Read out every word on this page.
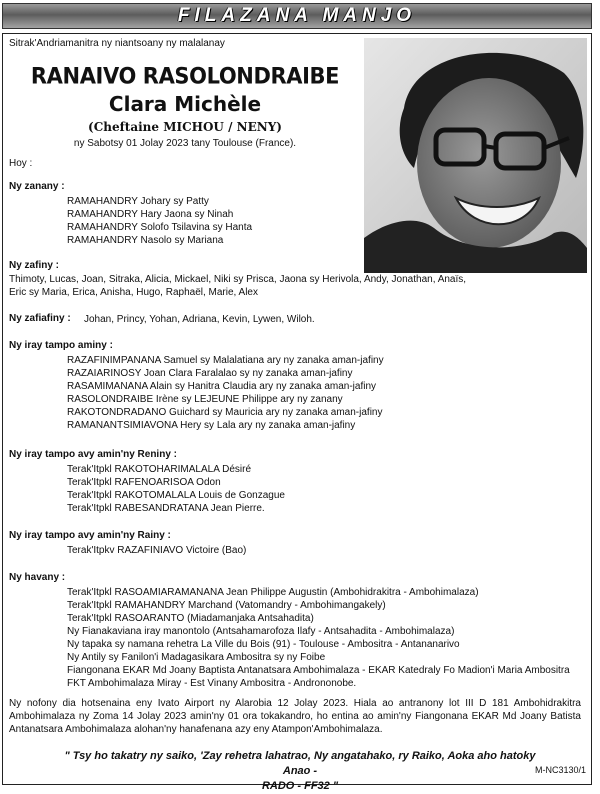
FILAZANA MANJO
Sitrak'Andriamanitra ny niantsoany ny malalanay
RANAIVO RASOLONDRAIBE
Clara Michèle
(Cheftaine MICHOU / NENY)
ny Sabotsy 01 Jolay 2023 tany Toulouse (France).
Hoy :
Ny zanany :
RAMAHANDRY Johary sy Patty
RAMAHANDRY Hary Jaona sy Ninah
RAMAHANDRY Solofo Tsilavina sy Hanta
RAMAHANDRY Nasolo sy Mariana
Ny zafiny :
Thimoty, Lucas, Joan, Sitraka, Alicia, Mickael, Niki sy Prisca, Jaona sy Herivola, Andy, Jonathan, Anaïs,
Eric sy Maria, Erica, Anisha, Hugo, Raphaël, Marie, Alex
Ny zafiafiny : Johan, Princy, Yohan, Adriana, Kevin, Lywen, Wiloh.
Ny iray tampo aminy :
RAZAFINIMPANANA Samuel sy Malalatiana ary ny zanaka aman-jafiny
RAZAIARINOSY Joan Clara Faralalao sy ny zanaka aman-jafiny
RASAMIMANANA Alain sy Hanitra Claudia ary ny zanaka aman-jafiny
RASOLONDRAIBE Irène sy LEJEUNE Philippe ary ny zanany
RAKOTONDRADANO Guichard sy Mauricia ary ny zanaka aman-jafiny
RAMANANTSIMIAVONA Hery sy Lala ary ny zanaka aman-jafiny
Ny iray tampo avy amin'ny Reniny :
Terak'Itpkl RAKOTOHARIMALALA Désiré
Terak'Itpkl RAFENOARISOA Odon
Terak'Itpkl RAKOTOMALALA Louis de Gonzague
Terak'Itpkl RABESANDRATANA Jean Pierre.
Ny iray tampo avy amin'ny Rainy :
Terak'Itpkv RAZAFINIAVO Victoire (Bao)
Ny havany :
Terak'Itpkl RASOAMIARAMANANA Jean Philippe Augustin (Ambohidrakitra - Ambohimalaza)
Terak'Itpkl RAMAHANDRY Marchand (Vatomandry - Ambohimangakely)
Terak'Itpkl RASOARANTO (Miadamanjaka Antsahadita)
Ny Fianakaviana iray manontolo (Antsahamarofoza Ilafy - Antsahadita - Ambohimalaza)
Ny tapaka sy namana rehetra La Ville du Bois (91) - Toulouse - Ambositra - Antananarivo
Ny Antily sy Fanilon'i Madagasikara Ambositra sy ny Foibe
Fiangonana EKAR Md Joany Baptista Antanatsara Ambohimalaza - EKAR Katedraly Fo Madion'i Maria Ambositra
FKT Ambohimalaza Miray - Est Vinany Ambositra - Andrononobe.
Ny nofony dia hotsenaina eny Ivato Airport ny Alarobia 12 Jolay 2023. Hiala ao antranony lot III D 181 Ambohidrakitra Ambohimalaza ny Zoma 14 Jolay 2023 amin'ny 01 ora tokakandro, ho entina ao amin'ny Fiangonana EKAR Md Joany Batista Antanatsara Ambohimalaza alohan'ny hanafenana azy eny Atampon'Ambohimalaza.
" Tsy ho takatry ny saiko, 'Zay rehetra lahatrao, Ny angatahako, ry Raiko, Aoka aho hatoky Anao -
RADO - FF32 "
M-NC3130/1
